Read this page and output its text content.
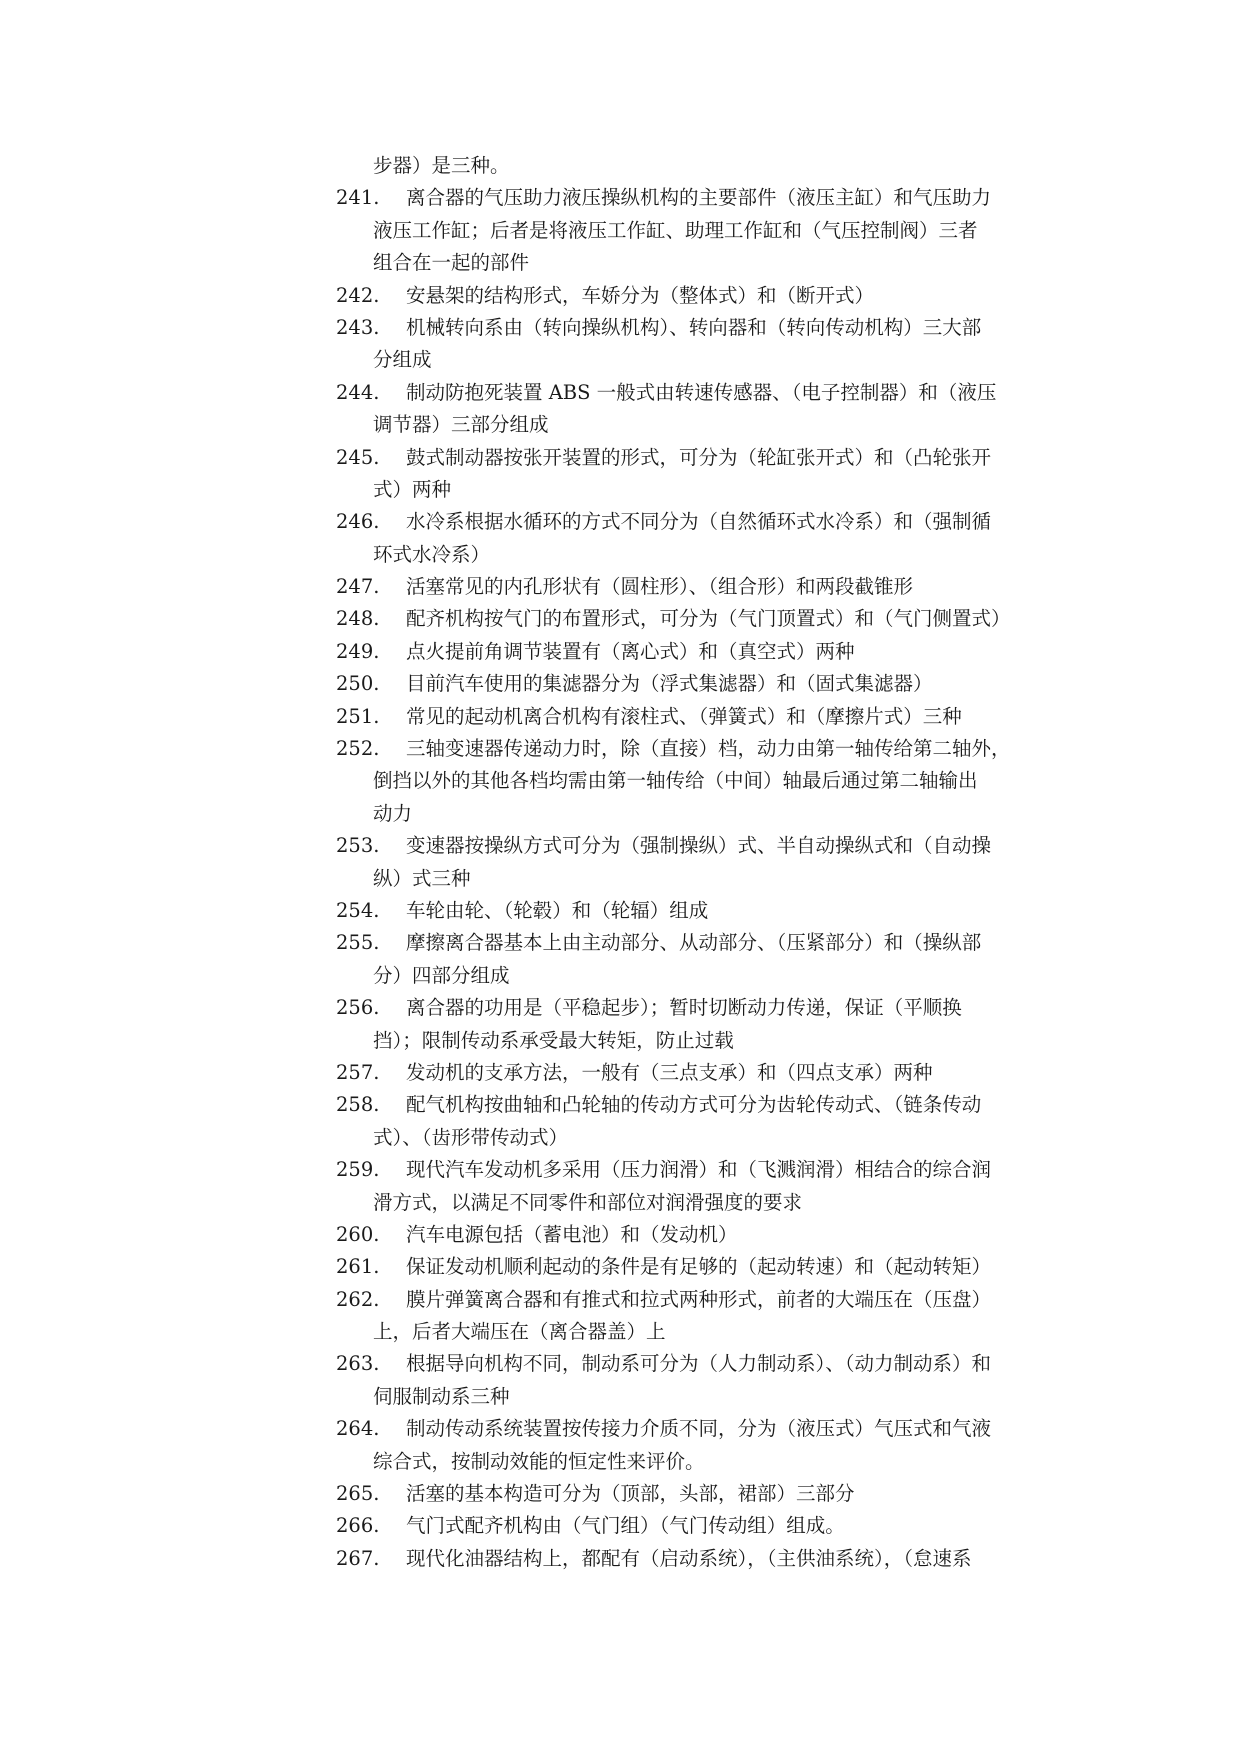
步器）是三种。
241.	离合器的气压助力液压操纵机构的主要部件（液压主缸）和气压助力
液压工作缸；后者是将液压工作缸、助理工作缸和（气压控制阀）三者
组合在一起的部件
242.	安悬架的结构形式，车娇分为（整体式）和（断开式）
243.	机械转向系由（转向操纵机构）、转向器和（转向传动机构）三大部
分组成
244.	制动防抱死装置 ABS 一般式由转速传感器、（电子控制器）和（液压
调节器）三部分组成
245.	鼓式制动器按张开装置的形式，可分为（轮缸张开式）和（凸轮张开
式）两种
246.	水冷系根据水循环的方式不同分为（自然循环式水冷系）和（强制循
环式水冷系）
247.	活塞常见的内孔形状有（圆柱形）、（组合形）和两段截锥形
248.	配齐机构按气门的布置形式，可分为（气门顶置式）和（气门侧置式）
249.	点火提前角调节装置有（离心式）和（真空式）两种
250.	目前汽车使用的集滤器分为（浮式集滤器）和（固式集滤器）
251.	常见的起动机离合机构有滚柱式、（弹簧式）和（摩擦片式）三种
252.	三轴变速器传递动力时，除（直接）档，动力由第一轴传给第二轴外，
倒挡以外的其他各档均需由第一轴传给（中间）轴最后通过第二轴输出
动力
253.	变速器按操纵方式可分为（强制操纵）式、半自动操纵式和（自动操
纵）式三种
254.	车轮由轮、（轮毂）和（轮辐）组成
255.	摩擦离合器基本上由主动部分、从动部分、（压紧部分）和（操纵部
分）四部分组成
256.	离合器的功用是（平稳起步）；暂时切断动力传递，保证（平顺换
挡）；限制传动系承受最大转矩，防止过载
257.	发动机的支承方法，一般有（三点支承）和（四点支承）两种
258.	配气机构按曲轴和凸轮轴的传动方式可分为齿轮传动式、（链条传动
式）、（齿形带传动式）
259.	现代汽车发动机多采用（压力润滑）和（飞溅润滑）相结合的综合润
滑方式，以满足不同零件和部位对润滑强度的要求
260.	汽车电源包括（蓄电池）和（发动机）
261.	保证发动机顺利起动的条件是有足够的（起动转速）和（起动转矩）
262.	膜片弹簧离合器和有推式和拉式两种形式，前者的大端压在（压盘）
上，后者大端压在（离合器盖）上
263.	根据导向机构不同，制动系可分为（人力制动系）、（动力制动系）和
伺服制动系三种
264.	制动传动系统装置按传接力介质不同，分为（液压式）气压式和气液
综合式，按制动效能的恒定性来评价。
265.	活塞的基本构造可分为（顶部，头部，裙部）三部分
266.	气门式配齐机构由（气门组）（气门传动组）组成。
267.	现代化油器结构上，都配有（启动系统），（主供油系统），（怠速系
